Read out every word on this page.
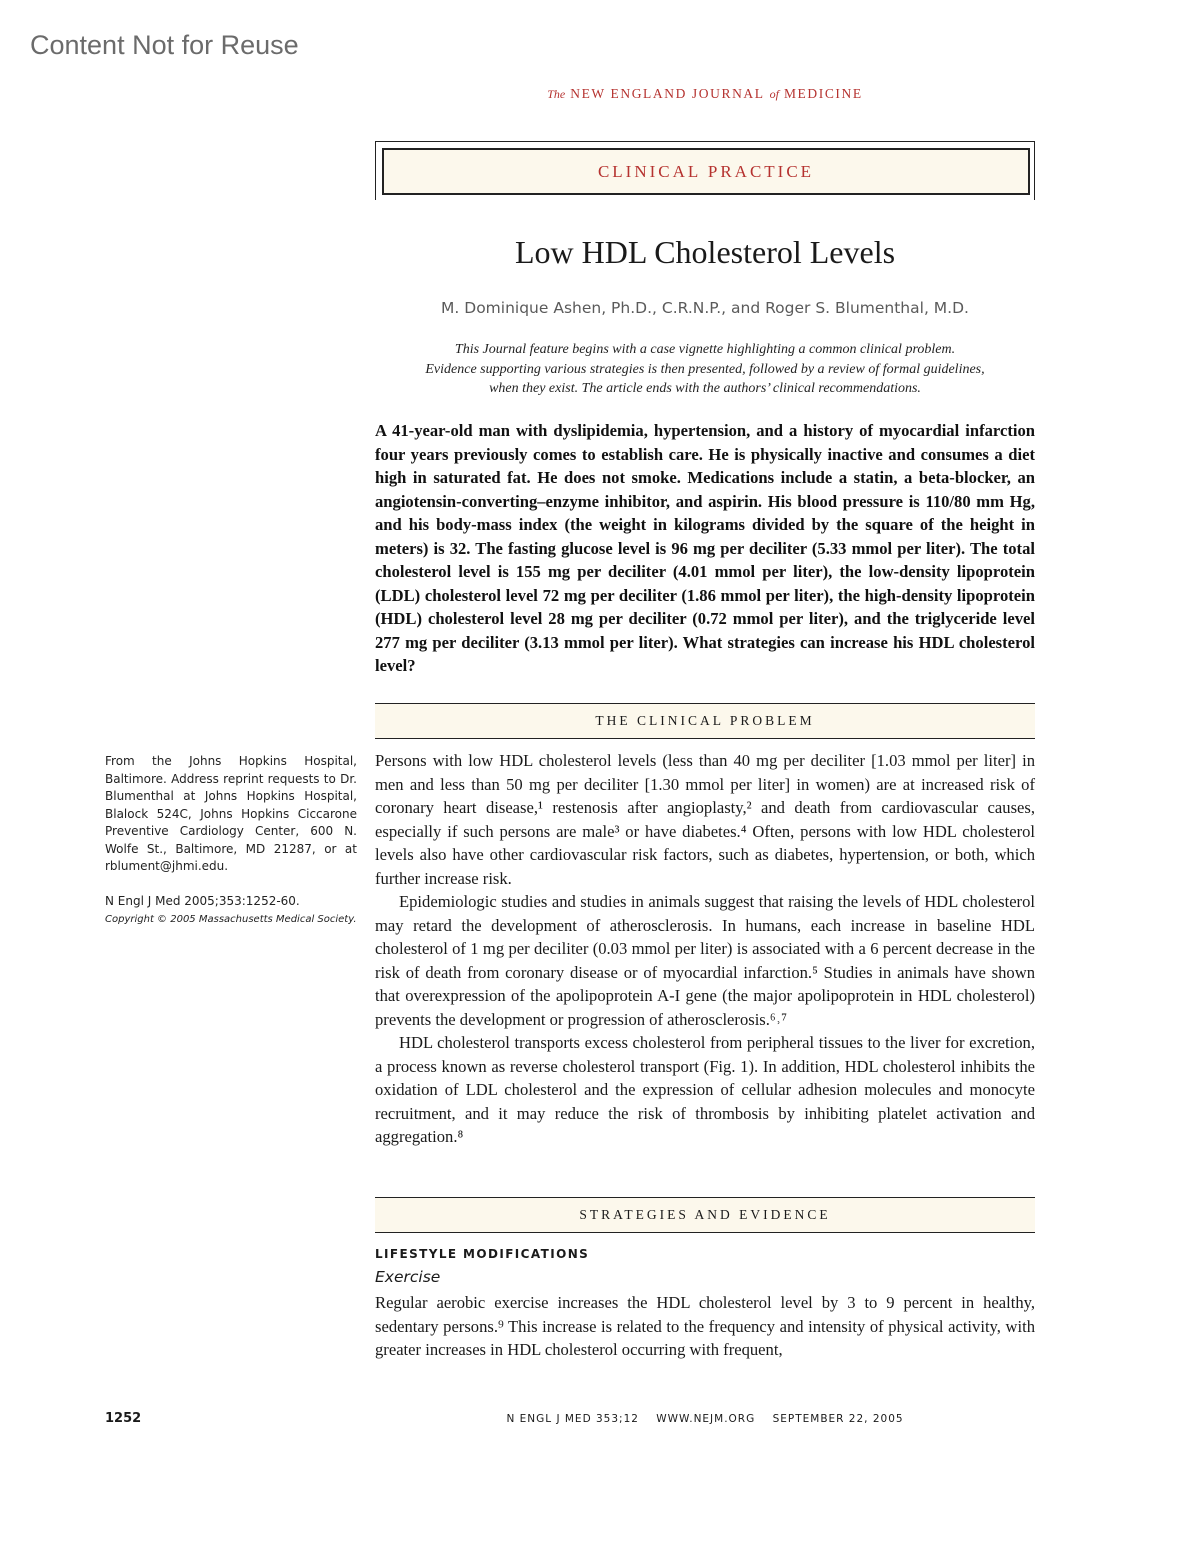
Content Not for Reuse
The NEW ENGLAND JOURNAL of MEDICINE
CLINICAL PRACTICE
Low HDL Cholesterol Levels
M. Dominique Ashen, Ph.D., C.R.N.P., and Roger S. Blumenthal, M.D.
This Journal feature begins with a case vignette highlighting a common clinical problem.
Evidence supporting various strategies is then presented, followed by a review of formal guidelines,
when they exist. The article ends with the authors’ clinical recommendations.
A 41-year-old man with dyslipidemia, hypertension, and a history of myocardial infarction four years previously comes to establish care. He is physically inactive and consumes a diet high in saturated fat. He does not smoke. Medications include a statin, a beta-blocker, an angiotensin-converting–enzyme inhibitor, and aspirin. His blood pressure is 110/80 mm Hg, and his body-mass index (the weight in kilograms divided by the square of the height in meters) is 32. The fasting glucose level is 96 mg per deciliter (5.33 mmol per liter). The total cholesterol level is 155 mg per deciliter (4.01 mmol per liter), the low-density lipoprotein (LDL) cholesterol level 72 mg per deciliter (1.86 mmol per liter), the high-density lipoprotein (HDL) cholesterol level 28 mg per deciliter (0.72 mmol per liter), and the triglyceride level 277 mg per deciliter (3.13 mmol per liter). What strategies can increase his HDL cholesterol level?
THE CLINICAL PROBLEM
From the Johns Hopkins Hospital, Baltimore. Address reprint requests to Dr. Blumenthal at Johns Hopkins Hospital, Blalock 524C, Johns Hopkins Ciccarone Preventive Cardiology Center, 600 N. Wolfe St., Baltimore, MD 21287, or at rblument@jhmi.edu.
N Engl J Med 2005;353:1252-60.
Copyright © 2005 Massachusetts Medical Society.

Persons with low HDL cholesterol levels (less than 40 mg per deciliter [1.03 mmol per liter] in men and less than 50 mg per deciliter [1.30 mmol per liter] in women) are at increased risk of coronary heart disease,¹ restenosis after angioplasty,² and death from cardiovascular causes, especially if such persons are male³ or have diabetes.⁴ Often, persons with low HDL cholesterol levels also have other cardiovascular risk factors, such as diabetes, hypertension, or both, which further increase risk.

Epidemiologic studies and studies in animals suggest that raising the levels of HDL cholesterol may retard the development of atherosclerosis. In humans, each increase in baseline HDL cholesterol of 1 mg per deciliter (0.03 mmol per liter) is associated with a 6 percent decrease in the risk of death from coronary disease or of myocardial infarction.⁵ Studies in animals have shown that overexpression of the apolipoprotein A-I gene (the major apolipoprotein in HDL cholesterol) prevents the development or progression of atherosclerosis.⁶˒⁷

HDL cholesterol transports excess cholesterol from peripheral tissues to the liver for excretion, a process known as reverse cholesterol transport (Fig. 1). In addition, HDL cholesterol inhibits the oxidation of LDL cholesterol and the expression of cellular adhesion molecules and monocyte recruitment, and it may reduce the risk of thrombosis by inhibiting platelet activation and aggregation.⁸

STRATEGIES AND EVIDENCE
LIFESTYLE MODIFICATIONS
Exercise

Regular aerobic exercise increases the HDL cholesterol level by 3 to 9 percent in healthy, sedentary persons.⁹ This increase is related to the frequency and intensity of physical activity, with greater increases in HDL cholesterol occurring with frequent,

1252	N ENGL J MED 353;12    WWW.NEJM.ORG    SEPTEMBER 22, 2005
